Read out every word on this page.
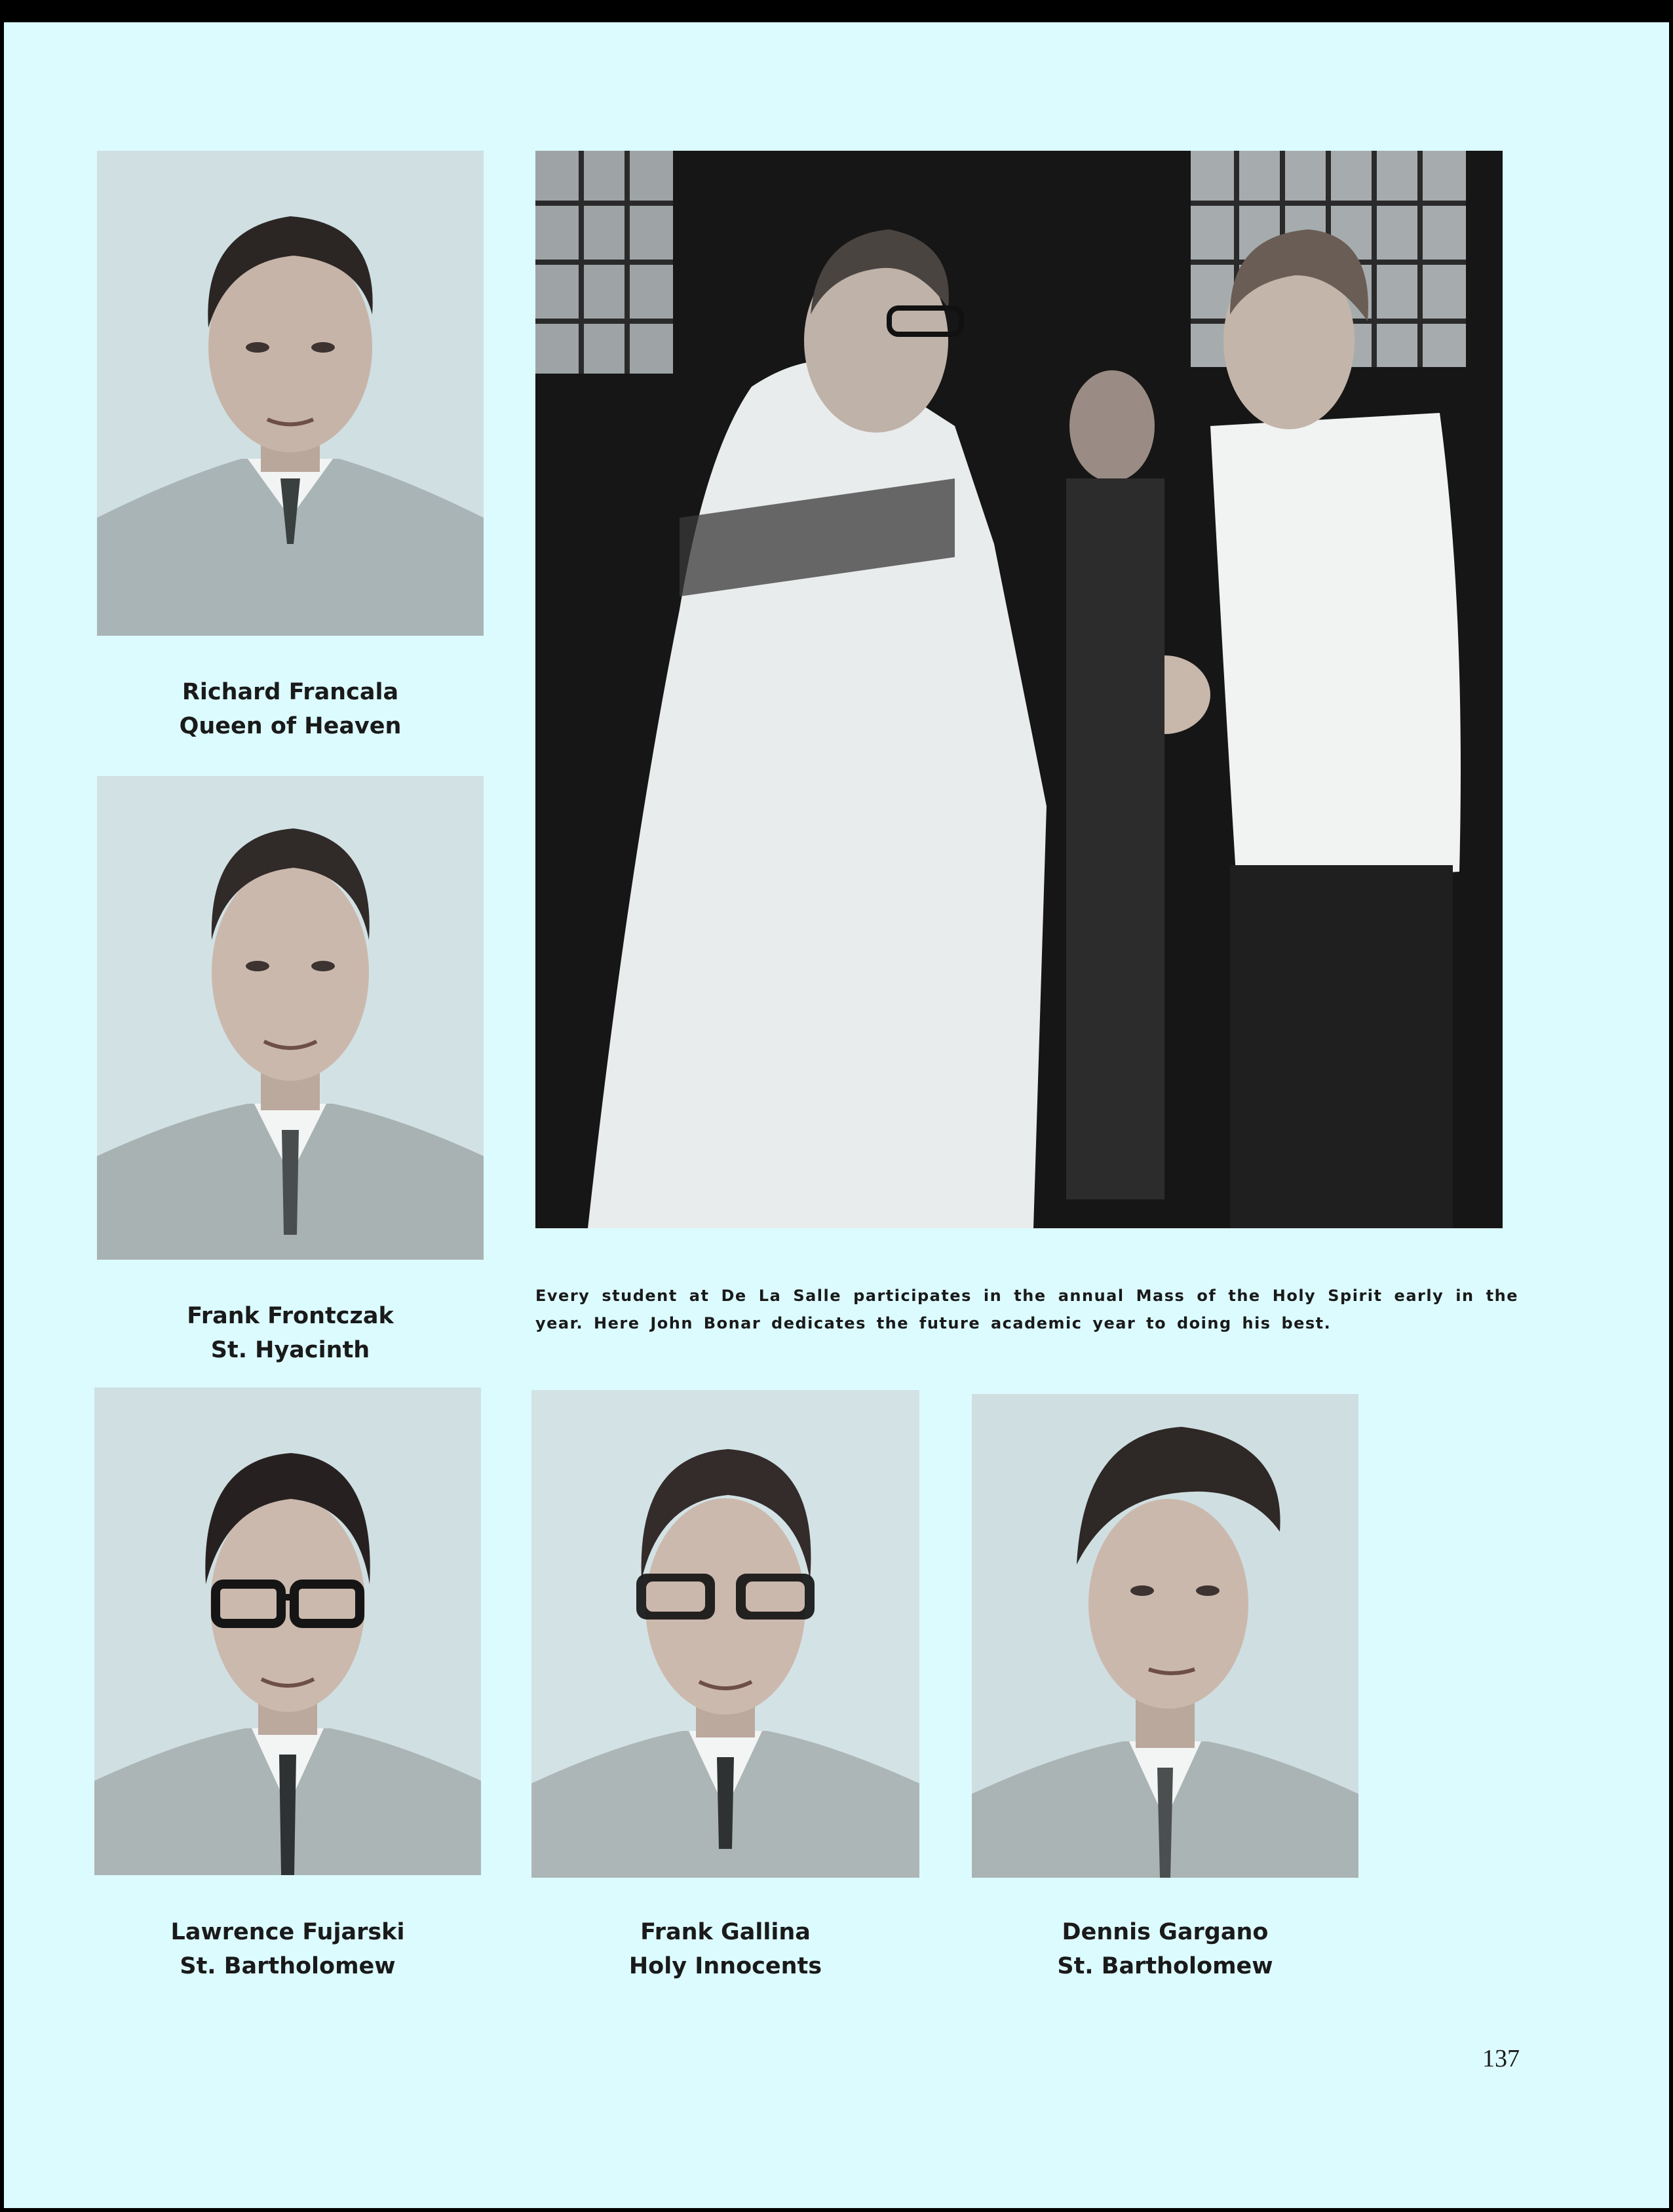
Richard Francala
Queen of Heaven
Frank Frontczak
St. Hyacinth
Every student at De La Salle participates in the annual Mass of the Holy Spirit early in the year. Here John Bonar dedicates the future academic year to doing his best.
Lawrence Fujarski
St. Bartholomew
Frank Gallina
Holy Innocents
Dennis Gargano
St. Bartholomew
137
